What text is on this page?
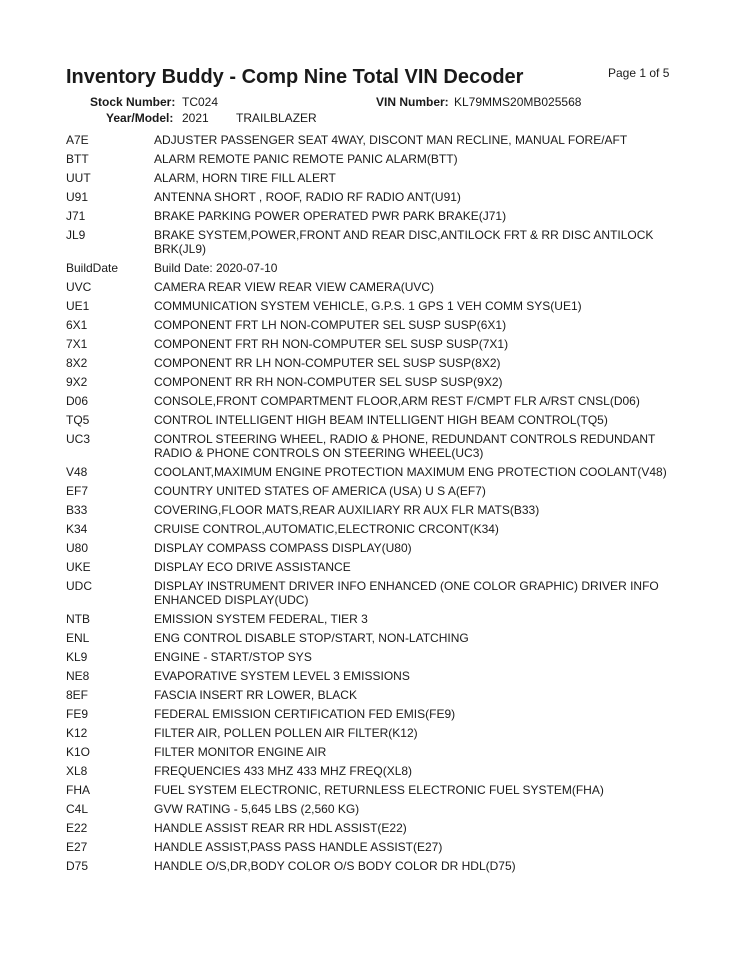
Inventory Buddy - Comp Nine Total VIN Decoder	Page 1 of 5
Stock Number: TC024	VIN Number: KL79MMS20MB025568
Year/Model: 2021 TRAILBLAZER
A7E	ADJUSTER PASSENGER SEAT 4WAY, DISCONT MAN RECLINE, MANUAL FORE/AFT
BTT	ALARM REMOTE PANIC REMOTE PANIC ALARM(BTT)
UUT	ALARM, HORN TIRE FILL ALERT
U91	ANTENNA SHORT , ROOF, RADIO RF RADIO ANT(U91)
J71	BRAKE PARKING POWER OPERATED PWR PARK BRAKE(J71)
JL9	BRAKE SYSTEM,POWER,FRONT AND REAR DISC,ANTILOCK FRT & RR DISC ANTILOCK BRK(JL9)
BuildDate	Build Date: 2020-07-10
UVC	CAMERA REAR VIEW REAR VIEW CAMERA(UVC)
UE1	COMMUNICATION SYSTEM VEHICLE, G.P.S. 1 GPS 1 VEH COMM SYS(UE1)
6X1	COMPONENT FRT LH NON-COMPUTER SEL SUSP SUSP(6X1)
7X1	COMPONENT FRT RH NON-COMPUTER SEL SUSP SUSP(7X1)
8X2	COMPONENT RR LH NON-COMPUTER SEL SUSP SUSP(8X2)
9X2	COMPONENT RR RH NON-COMPUTER SEL SUSP SUSP(9X2)
D06	CONSOLE,FRONT COMPARTMENT FLOOR,ARM REST F/CMPT FLR A/RST CNSL(D06)
TQ5	CONTROL INTELLIGENT HIGH BEAM INTELLIGENT HIGH BEAM CONTROL(TQ5)
UC3	CONTROL STEERING WHEEL, RADIO & PHONE, REDUNDANT CONTROLS REDUNDANT RADIO & PHONE CONTROLS ON STEERING WHEEL(UC3)
V48	COOLANT,MAXIMUM ENGINE PROTECTION MAXIMUM ENG PROTECTION COOLANT(V48)
EF7	COUNTRY UNITED STATES OF AMERICA (USA) U S A(EF7)
B33	COVERING,FLOOR MATS,REAR AUXILIARY RR AUX FLR MATS(B33)
K34	CRUISE CONTROL,AUTOMATIC,ELECTRONIC CRCONT(K34)
U80	DISPLAY COMPASS COMPASS DISPLAY(U80)
UKE	DISPLAY ECO DRIVE ASSISTANCE
UDC	DISPLAY INSTRUMENT DRIVER INFO ENHANCED (ONE COLOR GRAPHIC) DRIVER INFO ENHANCED DISPLAY(UDC)
NTB	EMISSION SYSTEM FEDERAL, TIER 3
ENL	ENG CONTROL DISABLE STOP/START, NON-LATCHING
KL9	ENGINE - START/STOP SYS
NE8	EVAPORATIVE SYSTEM LEVEL 3 EMISSIONS
8EF	FASCIA INSERT RR LOWER, BLACK
FE9	FEDERAL EMISSION CERTIFICATION FED EMIS(FE9)
K12	FILTER AIR, POLLEN POLLEN AIR FILTER(K12)
K1O	FILTER MONITOR ENGINE AIR
XL8	FREQUENCIES 433 MHZ 433 MHZ FREQ(XL8)
FHA	FUEL SYSTEM ELECTRONIC, RETURNLESS ELECTRONIC FUEL SYSTEM(FHA)
C4L	GVW RATING - 5,645 LBS (2,560 KG)
E22	HANDLE ASSIST REAR RR HDL ASSIST(E22)
E27	HANDLE ASSIST,PASS PASS HANDLE ASSIST(E27)
D75	HANDLE O/S,DR,BODY COLOR O/S BODY COLOR DR HDL(D75)
